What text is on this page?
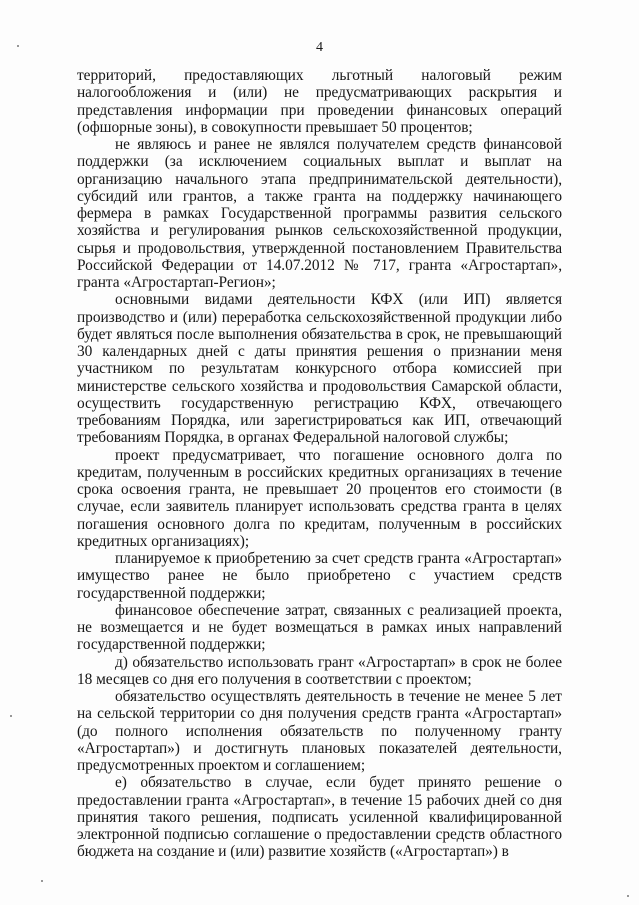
4

территорий, предоставляющих льготный налоговый режим налогообложения и (или) не предусматривающих раскрытия и представления информации при проведении финансовых операций (офшорные зоны), в совокупности превышает 50 процентов;

не являюсь и ранее не являлся получателем средств финансовой поддержки (за исключением социальных выплат и выплат на организацию начального этапа предпринимательской деятельности), субсидий или грантов, а также гранта на поддержку начинающего фермера в рамках Государственной программы развития сельского хозяйства и регулирования рынков сельскохозяйственной продукции, сырья и продовольствия, утвержденной постановлением Правительства Российской Федерации от 14.07.2012 № 717, гранта «Агростартап», гранта «Агростартап-Регион»;

основными видами деятельности КФХ (или ИП) является производство и (или) переработка сельскохозяйственной продукции либо будет являться после выполнения обязательства в срок, не превышающий 30 календарных дней с даты принятия решения о признании меня участником по результатам конкурсного отбора комиссией при министерстве сельского хозяйства и продовольствия Самарской области, осуществить государственную регистрацию КФХ, отвечающего требованиям Порядка, или зарегистрироваться как ИП, отвечающий требованиям Порядка, в органах Федеральной налоговой службы;

проект предусматривает, что погашение основного долга по кредитам, полученным в российских кредитных организациях в течение срока освоения гранта, не превышает 20 процентов его стоимости (в случае, если заявитель планирует использовать средства гранта в целях погашения основного долга по кредитам, полученным в российских кредитных организациях);

планируемое к приобретению за счет средств гранта «Агростартап» имущество ранее не было приобретено с участием средств государственной поддержки;

финансовое обеспечение затрат, связанных с реализацией проекта, не возмещается и не будет возмещаться в рамках иных направлений государственной поддержки;

д) обязательство использовать грант «Агростартап» в срок не более 18 месяцев со дня его получения в соответствии с проектом;

обязательство осуществлять деятельность в течение не менее 5 лет на сельской территории со дня получения средств гранта «Агростартап» (до полного исполнения обязательств по полученному гранту «Агростартап») и достигнуть плановых показателей деятельности, предусмотренных проектом и соглашением;

е) обязательство в случае, если будет принято решение о предоставлении гранта «Агростартап», в течение 15 рабочих дней со дня принятия такого решения, подписать усиленной квалифицированной электронной подписью соглашение о предоставлении средств областного бюджета на создание и (или) развитие хозяйств («Агростартап») в
